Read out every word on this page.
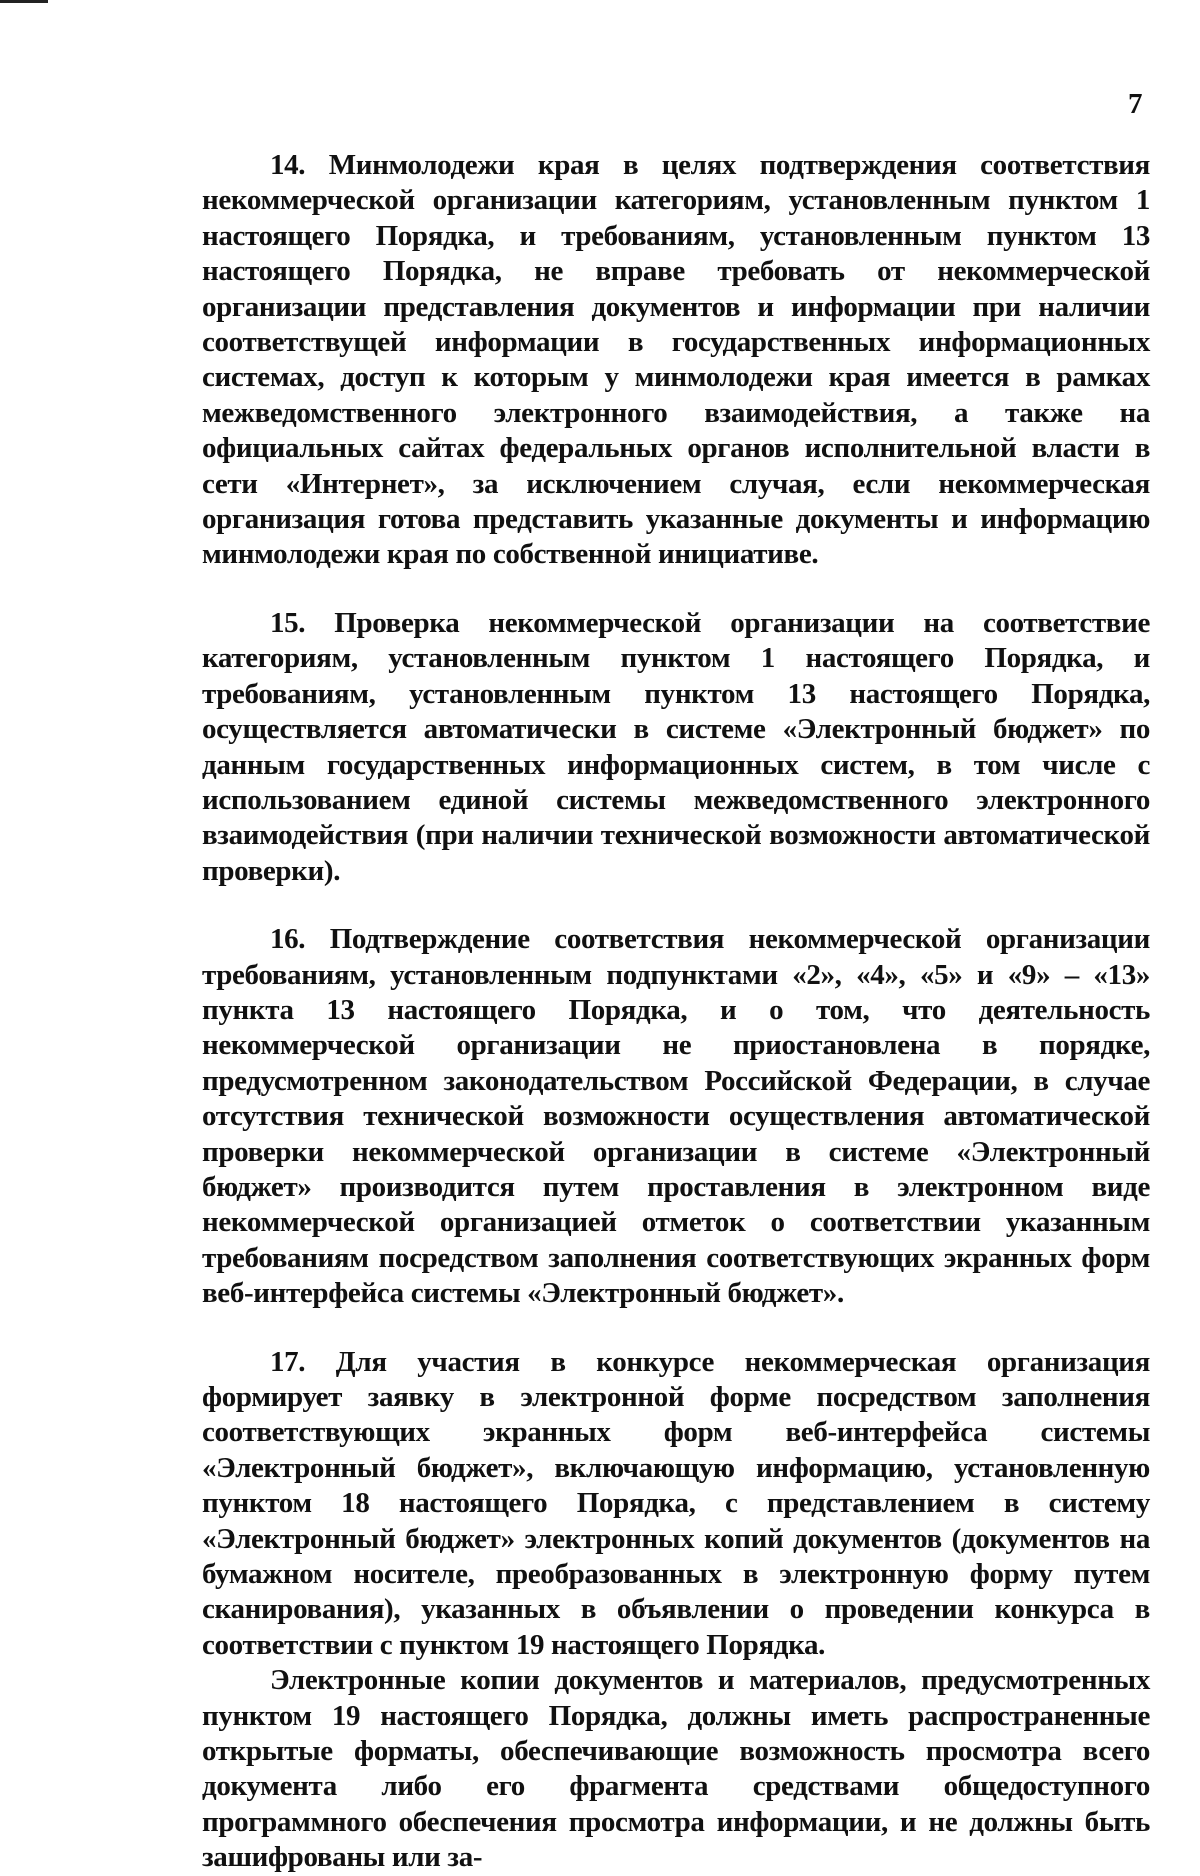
7

14. Минмолодежи края в целях подтверждения соответствия некоммерческой организации категориям, установленным пунктом 1 настоящего Порядка, и требованиям, установленным пунктом 13 настоящего Порядка, не вправе требовать от некоммерческой организации представления документов и информации при наличии соответствущей информации в государственных информационных системах, доступ к которым у минмолодежи края имеется в рамках межведомственного электронного взаимодействия, а также на официальных сайтах федеральных органов исполнительной власти в сети «Интернет», за исключением случая, если некоммерческая организация готова представить указанные документы и информацию минмолодежи края по собственной инициативе.

15. Проверка некоммерческой организации на соответствие категориям, установленным пунктом 1 настоящего Порядка, и требованиям, установленным пунктом 13 настоящего Порядка, осуществляется автоматически в системе «Электронный бюджет» по данным государственных информационных систем, в том числе с использованием единой системы межведомственного электронного взаимодействия (при наличии технической возможности автоматической проверки).

16. Подтверждение соответствия некоммерческой организации требованиям, установленным подпунктами «2», «4», «5» и «9» – «13» пункта 13 настоящего Порядка, и о том, что деятельность некоммерческой организации не приостановлена в порядке, предусмотренном законодательством Российской Федерации, в случае отсутствия технической возможности осуществления автоматической проверки некоммерческой организации в системе «Электронный бюджет» производится путем проставления в электронном виде некоммерческой организацией отметок о соответствии указанным требованиям посредством заполнения соответствующих экранных форм веб-интерфейса системы «Электронный бюджет».

17. Для участия в конкурсе некоммерческая организация формирует заявку в электронной форме посредством заполнения соответствующих экранных форм веб-интерфейса системы «Электронный бюджет», включающую информацию, установленную пунктом 18 настоящего Порядка, с представлением в систему «Электронный бюджет» электронных копий документов (документов на бумажном носителе, преобразованных в электронную форму путем сканирования), указанных в объявлении о проведении конкурса в соответствии с пунктом 19 настоящего Порядка.

Электронные копии документов и материалов, предусмотренных пунктом 19 настоящего Порядка, должны иметь распространенные открытые форматы, обеспечивающие возможность просмотра всего документа либо его фрагмента средствами общедоступного программного обеспечения просмотра информации, и не должны быть зашифрованы или за-
